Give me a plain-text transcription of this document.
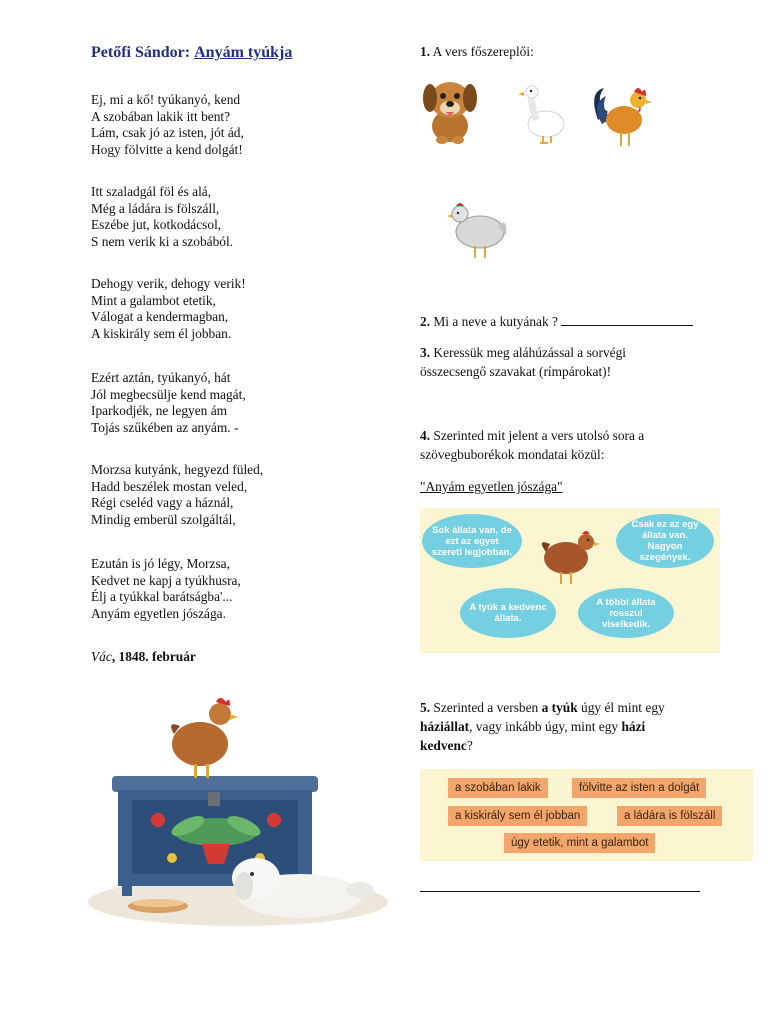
Petőfi Sándor: Anyám tyúkja
Ej, mi a kő! tyúkanyó, kend
A szobában lakik itt bent?
Lám, csak jó az isten, jót ád,
Hogy fölvitte a kend dolgát!
Itt szaladgál föl és alá,
Még a ládára is fölszáll,
Eszébe jut, kotkodácsol,
S nem verik ki a szobából.
Dehogy verik, dehogy verik!
Mint a galambot etetik,
Válogat a kendermagban,
A kiskirály sem él jobban.
Ezért aztán, tyúkanyó, hát
Jól megbecsülje kend magát,
Iparkodjék, ne legyen ám
Tojás szűkében az anyám. -
Morzsa kutyánk, hegyezd füled,
Hadd beszélek mostan veled,
Régi cseléd vagy a háznál,
Mindig emberül szolgáltál,
Ezután is jó légy, Morzsa,
Kedvet ne kapj a tyúkhusra,
Élj a tyúkkal barátságba'...
Anyám egyetlen jószága.
Vác, 1848. február
1. A vers főszereplői:
2. Mi a neve a kutyának ?
3. Keressük meg aláhúzással a sorvégi
összecsengő szavakat (rímpárokat)!
4. Szerinted mit jelent a vers utolsó sora a
szövegbuborékok mondatai közül:
"Anyám egyetlen jószága"
Sok állata van, de ezt az egyet szereti legjobban.
Csak ez az egy állata van. Nagyon szegények.
A tyúk a kedvenc állata.
A többi állata rosszul viselkedik.
5. Szerinted a versben a tyúk úgy él mint egy
háziállat, vagy inkább úgy, mint egy házi
kedvenc?
a szobában lakik	fölvitte az isten a dolgát
a kiskirály sem él jobban	a ládára is fölszáll
úgy etetik, mint a galambot
